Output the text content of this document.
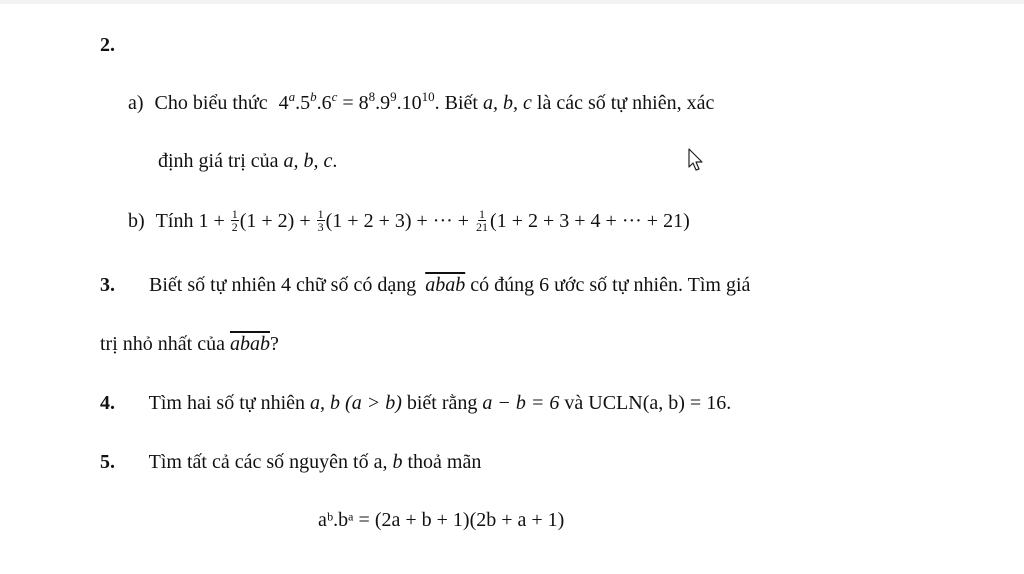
2.
a) Cho biểu thức $4^a.5^b.6^c = 8^8.9^9.10^{10}$. Biết a, b, c là các số tự nhiên, xác
định giá trị của a, b, c.
b) Tính $1 + \frac{1}{2} (1 + 2) + \frac{1}{3} (1 + 2 + 3)$ + ··· + $\frac{1}{21} (1 + 2 + 3 + 4$ + ··· + 21)
3. Biết số tự nhiên 4 chữ số có dạng abab có đúng 6 ước số tự nhiên. Tìm giá
trị nhỏ nhất của abab?
4. Tìm hai số tự nhiên a, b (a > b) biết rằng a − b = 6 và UCLN(a, b) = 16.
5. Tìm tất cả các số nguyên tố a, b thoả mãn
aᵇ.bᵃ = (2a + b + 1)(2b + a + 1)
